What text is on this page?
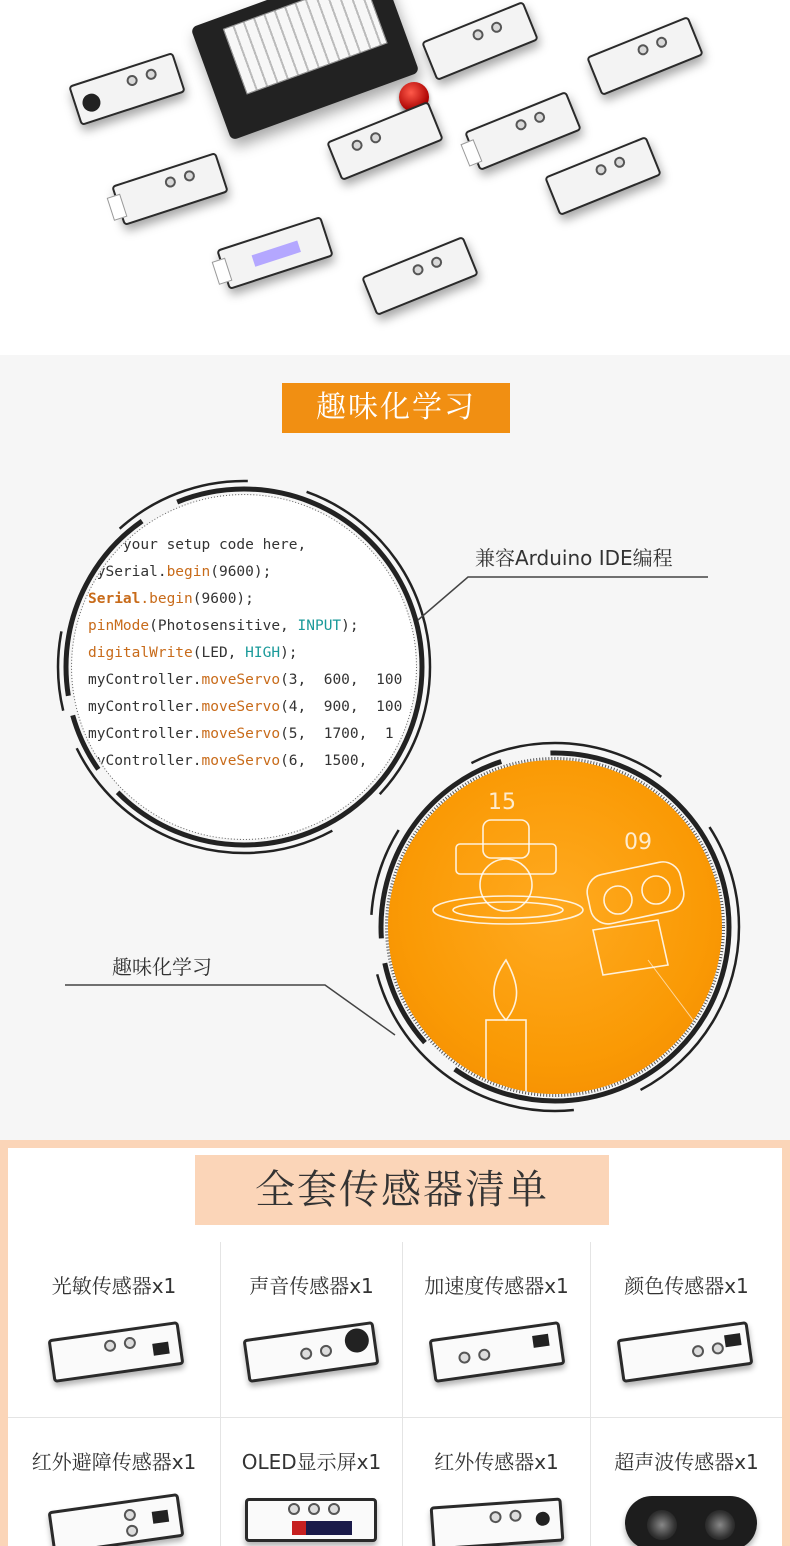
趣味化学习
up() {
put your setup code here,
mySerial.begin(9600);
Serial.begin(9600);
pinMode(Photosensitive, INPUT);
digitalWrite(LED, HIGH);
myController.moveServo(3,  600,  100
myController.moveServo(4,  900,  100
myController.moveServo(5,  1700,  1
myController.moveServo(6,  1500,

500);
兼容Arduino IDE编程
趣味化学习
15
09
全套传感器清单
光敏传感器x1	声音传感器x1	加速度传感器x1	颜色传感器x1
红外避障传感器x1	OLED显示屏x1	红外传感器x1	超声波传感器x1
